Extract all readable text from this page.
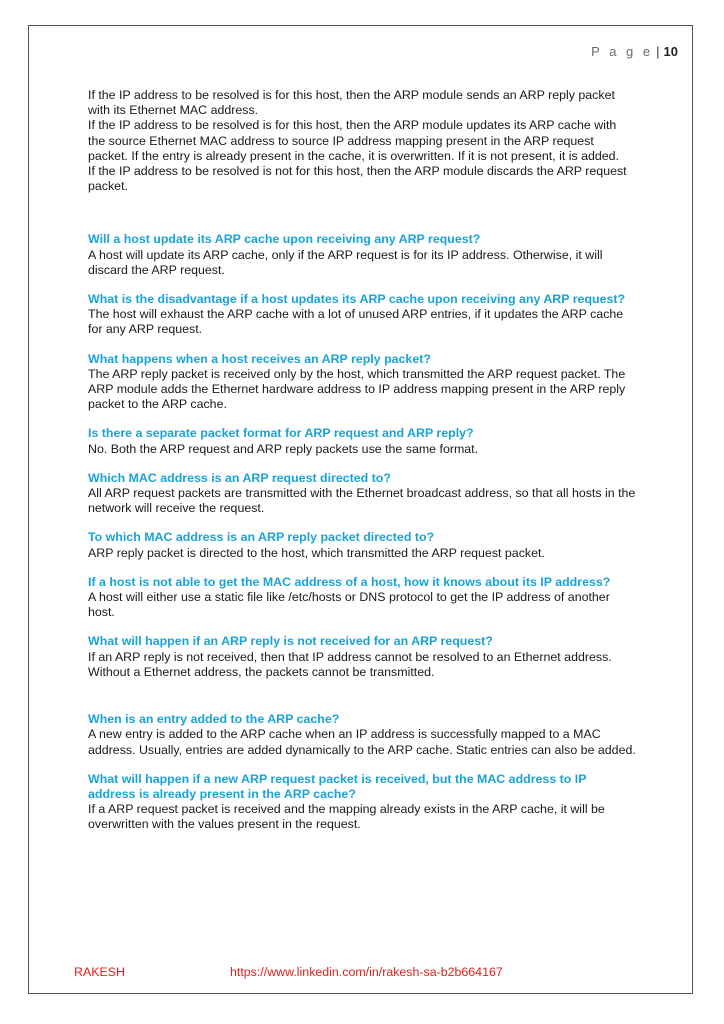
P a g e | 10

If the IP address to be resolved is for this host, then the ARP module sends an ARP reply packet with its Ethernet MAC address.

If the IP address to be resolved is for this host, then the ARP module updates its ARP cache with the source Ethernet MAC address to source IP address mapping present in the ARP request packet. If the entry is already present in the cache, it is overwritten. If it is not present, it is added.

If the IP address to be resolved is not for this host, then the ARP module discards the ARP request packet.

Will a host update its ARP cache upon receiving any ARP request?

A host will update its ARP cache, only if the ARP request is for its IP address. Otherwise, it will discard the ARP request.

What is the disadvantage if a host updates its ARP cache upon receiving any ARP request?

The host will exhaust the ARP cache with a lot of unused ARP entries, if it updates the ARP cache for any ARP request.

What happens when a host receives an ARP reply packet?

The ARP reply packet is received only by the host, which transmitted the ARP request packet. The ARP module adds the Ethernet hardware address to IP address mapping present in the ARP reply packet to the ARP cache.

Is there a separate packet format for ARP request and ARP reply?

No. Both the ARP request and ARP reply packets use the same format.

Which MAC address is an ARP request directed to?

All ARP request packets are transmitted with the Ethernet broadcast address, so that all hosts in the network will receive the request.

To which MAC address is an ARP reply packet directed to?

ARP reply packet is directed to the host, which transmitted the ARP request packet.

If a host is not able to get the MAC address of a host, how it knows about its IP address?

A host will either use a static file like /etc/hosts or DNS protocol to get the IP address of another host.

What will happen if an ARP reply is not received for an ARP request?

If an ARP reply is not received, then that IP address cannot be resolved to an Ethernet address. Without a Ethernet address, the packets cannot be transmitted.

When is an entry added to the ARP cache?

A new entry is added to the ARP cache when an IP address is successfully mapped to a MAC address. Usually, entries are added dynamically to the ARP cache. Static entries can also be added.

What will happen if a new ARP request packet is received, but the MAC address to IP address is already present in the ARP cache?

If a ARP request packet is received and the mapping already exists in the ARP cache, it will be overwritten with the values present in the request.

RAKESH	https://www.linkedin.com/in/rakesh-sa-b2b664167
